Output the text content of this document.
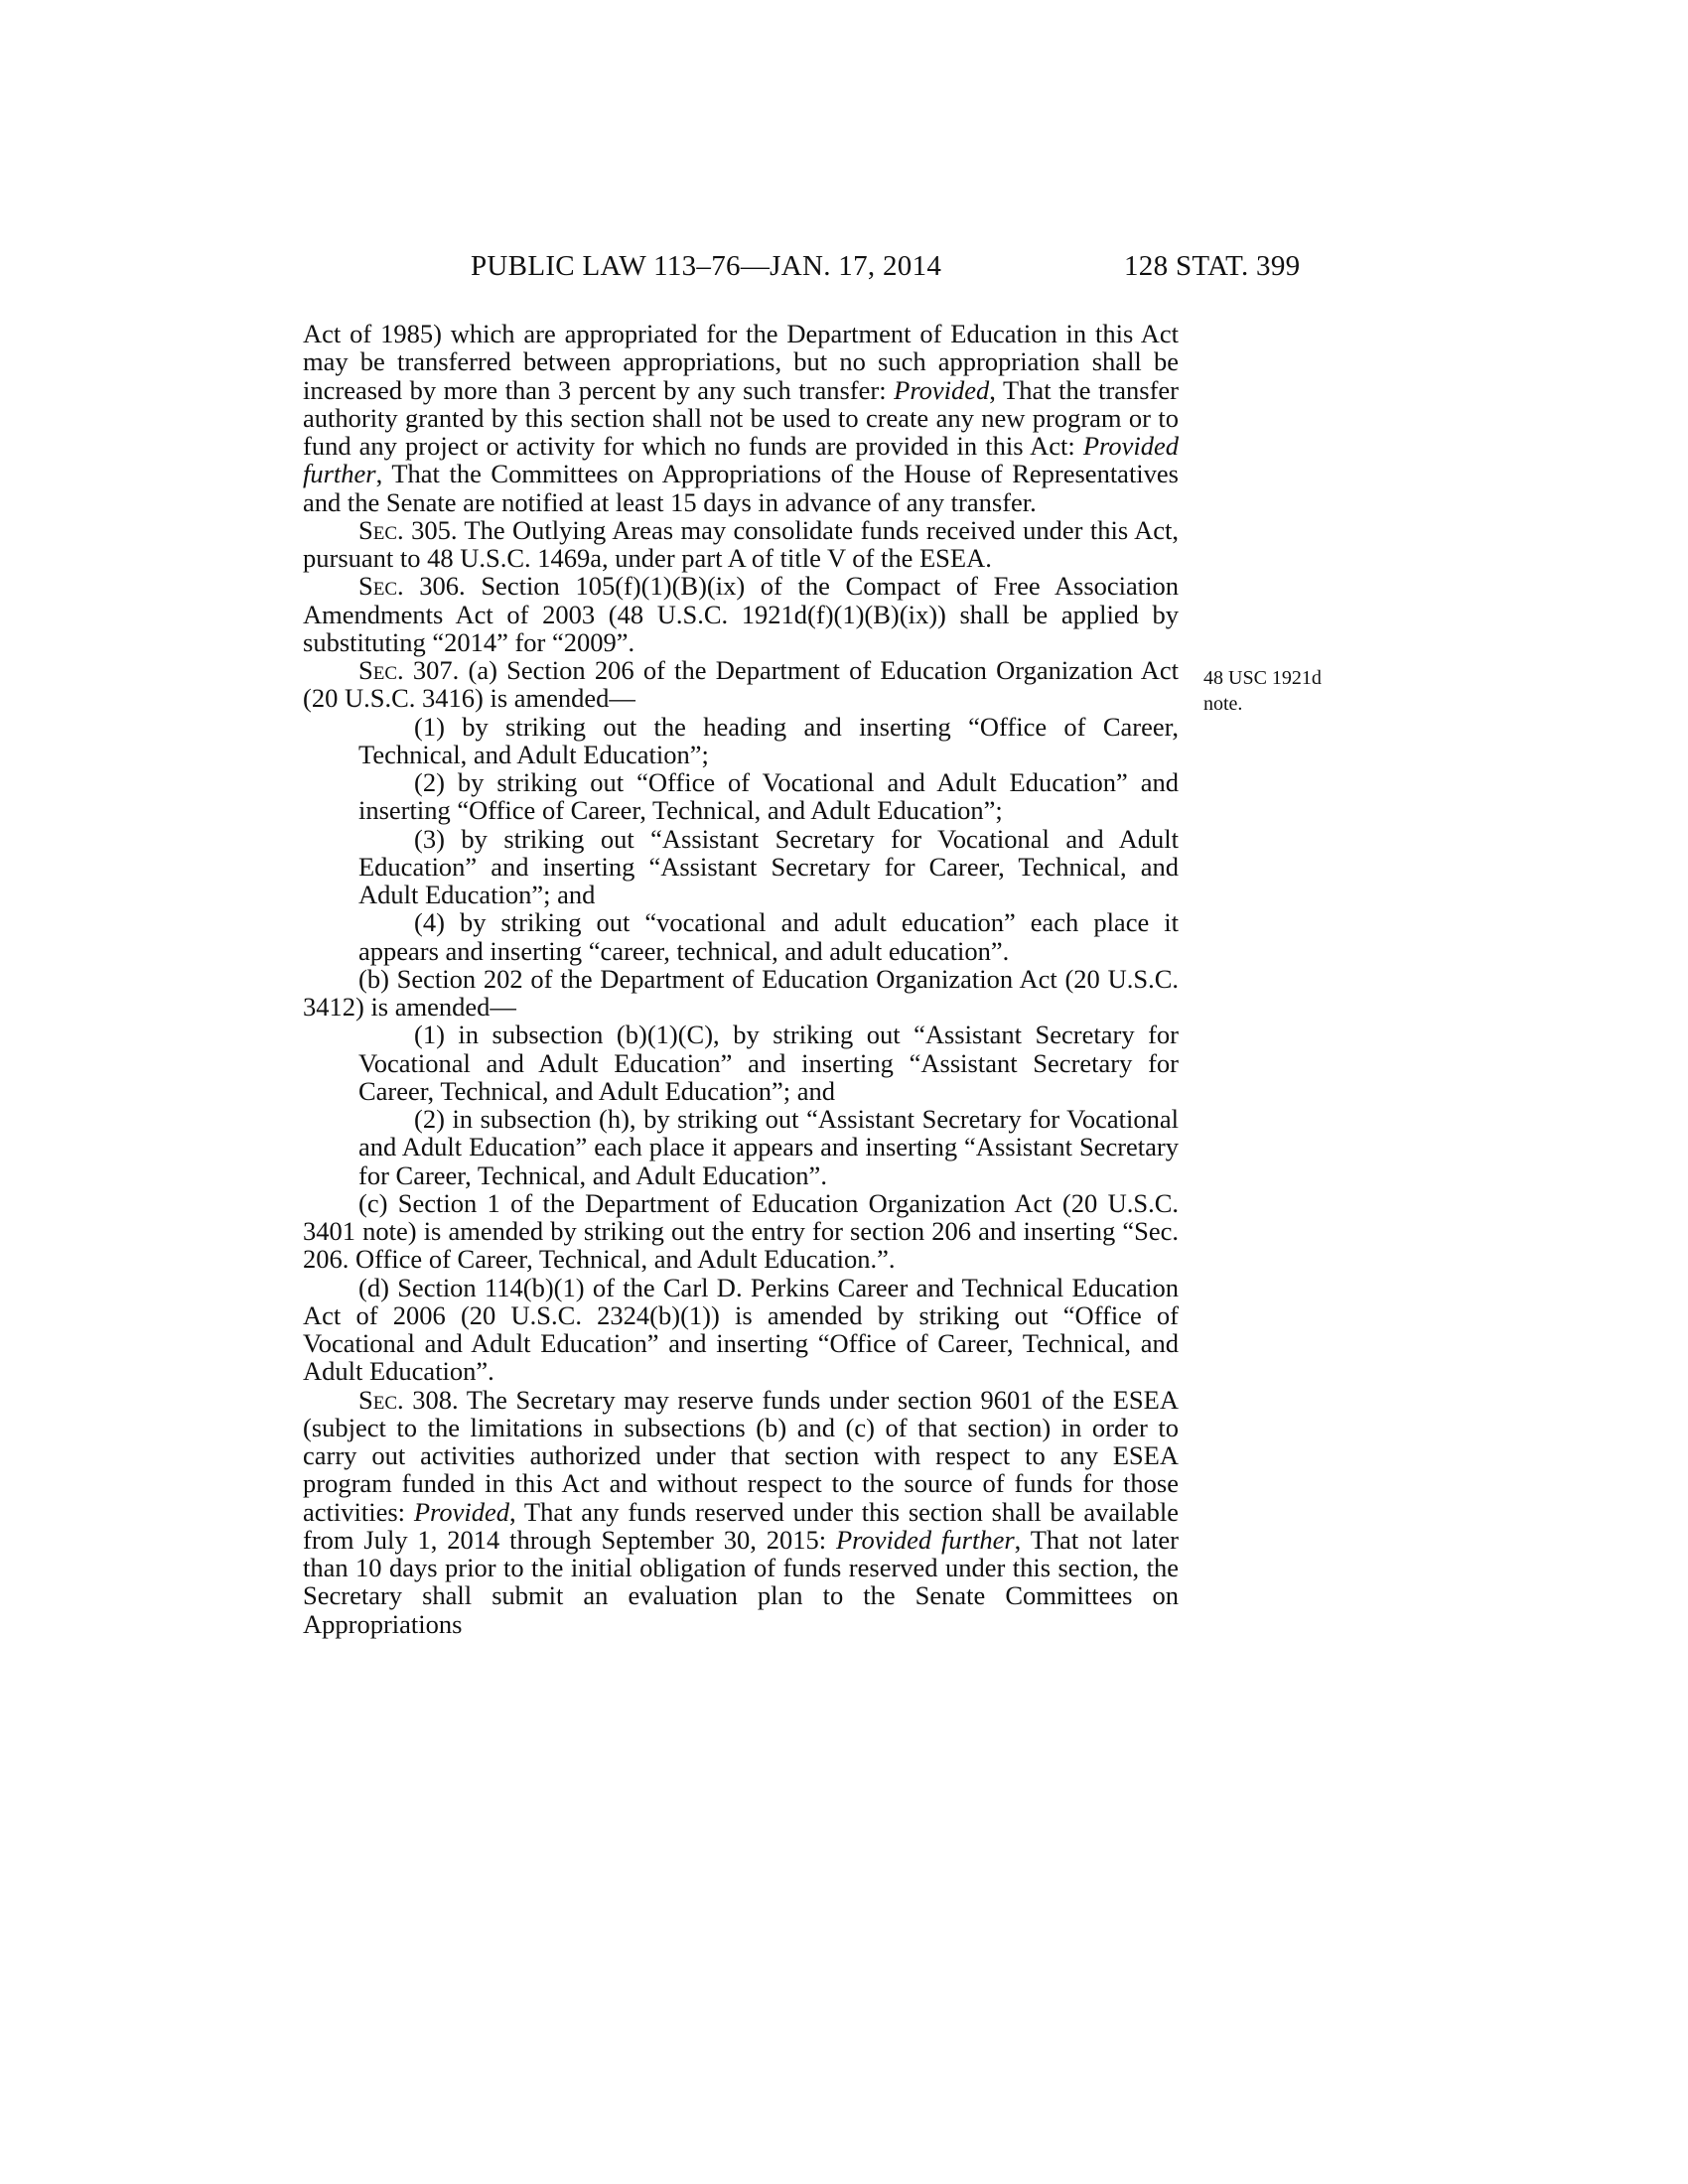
PUBLIC LAW 113–76—JAN. 17, 2014	128 STAT. 399

Act of 1985) which are appropriated for the Department of Education in this Act may be transferred between appropriations, but no such appropriation shall be increased by more than 3 percent by any such transfer: Provided, That the transfer authority granted by this section shall not be used to create any new program or to fund any project or activity for which no funds are provided in this Act: Provided further, That the Committees on Appropriations of the House of Representatives and the Senate are notified at least 15 days in advance of any transfer.

Sec. 305. The Outlying Areas may consolidate funds received under this Act, pursuant to 48 U.S.C. 1469a, under part A of title V of the ESEA.

Sec. 306. Section 105(f)(1)(B)(ix) of the Compact of Free Association Amendments Act of 2003 (48 U.S.C. 1921d(f)(1)(B)(ix)) shall be applied by substituting “2014” for “2009”.

Sec. 307. (a) Section 206 of the Department of Education Organization Act (20 U.S.C. 3416) is amended—

(1) by striking out the heading and inserting “Office of Career, Technical, and Adult Education”;

(2) by striking out “Office of Vocational and Adult Education” and inserting “Office of Career, Technical, and Adult Education”;

(3) by striking out “Assistant Secretary for Vocational and Adult Education” and inserting “Assistant Secretary for Career, Technical, and Adult Education”; and

(4) by striking out “vocational and adult education” each place it appears and inserting “career, technical, and adult education”.

(b) Section 202 of the Department of Education Organization Act (20 U.S.C. 3412) is amended—

(1) in subsection (b)(1)(C), by striking out “Assistant Secretary for Vocational and Adult Education” and inserting “Assistant Secretary for Career, Technical, and Adult Education”; and

(2) in subsection (h), by striking out “Assistant Secretary for Vocational and Adult Education” each place it appears and inserting “Assistant Secretary for Career, Technical, and Adult Education”.

(c) Section 1 of the Department of Education Organization Act (20 U.S.C. 3401 note) is amended by striking out the entry for section 206 and inserting “Sec. 206. Office of Career, Technical, and Adult Education.”.

(d) Section 114(b)(1) of the Carl D. Perkins Career and Technical Education Act of 2006 (20 U.S.C. 2324(b)(1)) is amended by striking out “Office of Vocational and Adult Education” and inserting “Office of Career, Technical, and Adult Education”.

Sec. 308. The Secretary may reserve funds under section 9601 of the ESEA (subject to the limitations in subsections (b) and (c) of that section) in order to carry out activities authorized under that section with respect to any ESEA program funded in this Act and without respect to the source of funds for those activities: Provided, That any funds reserved under this section shall be available from July 1, 2014 through September 30, 2015: Provided further, That not later than 10 days prior to the initial obligation of funds reserved under this section, the Secretary shall submit an evaluation plan to the Senate Committees on Appropriations

48 USC 1921d
note.
